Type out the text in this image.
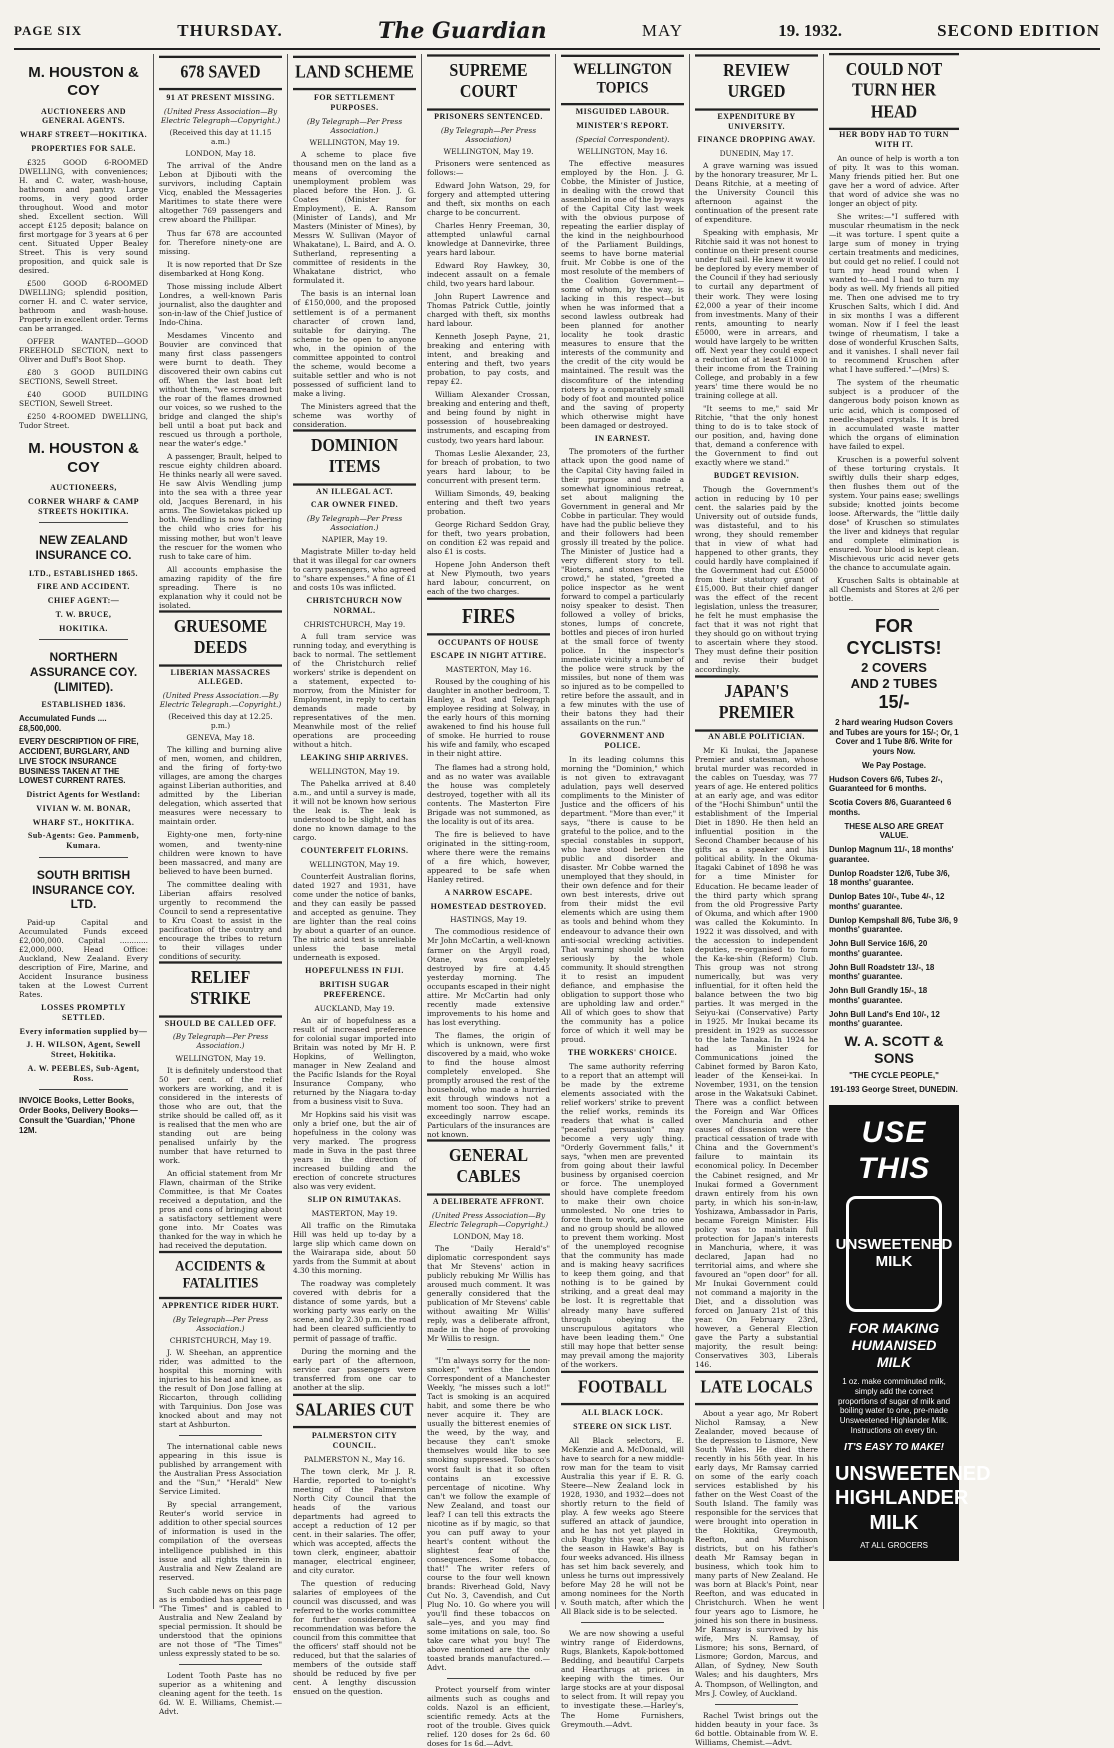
PAGE SIX	THURSDAY.	The Guardian	MAY	19. 1932.	SECOND EDITION
M. HOUSTON & COY
AUCTIONEERS AND GENERAL AGENTS.
WHARF STREET—HOKITIKA.
PROPERTIES FOR SALE.

£325 GOOD 6-ROOMED DWELLING, with conveniences; H. and C. water, wash-house, bathroom and pantry. Large rooms, in very good order throughout. Wood and motor shed. Excellent section. Will accept £125 deposit; balance on first mortgage for 3 years at 6 per cent. Situated Upper Bealey Street. This is very sound proposition, and quick sale is desired.

£500 GOOD 6-ROOMED DWELLING; splendid position, corner H. and C. water service, bathroom and wash-house. Property in excellent order. Terms can be arranged.

OFFER WANTED—GOOD FREEHOLD SECTION, next to Oliver and Duff's Boot Shop.

£80 3 GOOD BUILDING SECTIONS, Sewell Street.

£40 GOOD BUILDING SECTION, Sewell Street.

£250 4-ROOMED DWELLING, Tudor Street.

M. HOUSTON & COY
AUCTIONEERS,
CORNER WHARF & CAMP STREETS HOKITIKA.
NEW ZEALAND INSURANCE CO.
LTD., ESTABLISHED 1865.
FIRE AND ACCIDENT.
CHIEF AGENT:—
T. W. BRUCE,
HOKITIKA.
NORTHERN ASSURANCE COY. (LIMITED).
ESTABLISHED 1836.
Accumulated Funds .... £8,500,000.
EVERY DESCRIPTION OF FIRE, ACCIDENT, BURGLARY, AND LIVE STOCK INSURANCE BUSINESS TAKEN AT THE LOWEST CURRENT RATES.
District Agents for Westland:
VIVIAN W. M. BONAR,
WHARF ST., HOKITIKA.
Sub-Agents: Geo. Pammenb, Kumara.
SOUTH BRITISH INSURANCE COY. LTD.

Paid-up Capital and Accumulated Funds exceed £2,000,000. Capital ............ £2,000,000. Head Office: Auckland, New Zealand. Every description of Fire, Marine, and Accident Insurance business taken at the Lowest Current Rates.

LOSSES PROMPTLY SETTLED.
Every information supplied by—
J. H. WILSON, Agent, Sewell Street, Hokitika.
A. W. PEEBLES, Sub-Agent, Ross.
INVOICE Books, Letter Books, Order Books, Delivery Books—Consult the 'Guardian,' 'Phone 12M.
678 SAVED
91 AT PRESENT MISSING.
(United Press Association—By Electric Telegraph—Copyright.)
(Received this day at 11.15 a.m.)
LONDON, May 18.

The arrival of the Andre Lebon at Djibouti with the survivors, including Captain Vicq, enabled the Messageries Maritimes to state there were altogether 769 passengers and crew aboard the Phillipar.

Thus far 678 are accounted for. Therefore ninety-one are missing.

It is now reported that Dr Sze disembarked at Hong Kong.

Those missing include Albert Londres, a well-known Paris journalist, also the daughter and son-in-law of the Chief Justice of Indo-China.

Mesdames Vincento and Bouvier are convinced that many first class passengers were burnt to death. They discovered their own cabins cut off. When the last boat left without them, "we screamed but the roar of the flames drowned our voices, so we rushed to the bridge and clanged the ship's bell until a boat put back and rescued us through a porthole, near the water's edge."

A passenger, Brault, helped to rescue eighty children aboard. He thinks nearly all were saved. He saw Alvis Wendling jump into the sea with a three year old, Jacques Berenard, in his arms. The Sowietakas picked up both. Wendling is now fathering the child who cries for his missing mother, but won't leave the rescuer for the women who rush to take care of him.

All accounts emphasise the amazing rapidity of the fire spreading. There is no explanation why it could not be isolated.

GRUESOME DEEDS
LIBERIAN MASSACRES ALLEGED.
(United Press Association.—By Electric Telegraph.—Copyright.)
(Received this day at 12.25. p.m.)
GENEVA, May 18.

The killing and burning alive of men, women, and children, and the firing of forty-two villages, are among the charges against Liberian authorities, and admitted by the Liberian delegation, which asserted that measures were necessary to maintain order.

Eighty-one men, forty-nine women, and twenty-nine children were known to have been massacred, and many are believed to have been burned.

The committee dealing with Liberian affairs resolved urgently to recommend the Council to send a representative to Kru Coast to assist in the pacification of the country and encourage the tribes to return to their villages under conditions of security.

RELIEF STRIKE
SHOULD BE CALLED OFF.
(By Telegraph—Per Press Association.)
WELLINGTON, May 19.

It is definitely understood that 50 per cent. of the relief workers are working, and it is considered in the interests of those who are out, that the strike should be called off, as it is realised that the men who are standing out are being penalised unfairly by the number that have returned to work.

An official statement from Mr Flawn, chairman of the Strike Committee, is that Mr Coates received a deputation, and the pros and cons of bringing about a satisfactory settlement were gone into. Mr Coates was thanked for the way in which he had received the deputation.

ACCIDENTS & FATALITIES
APPRENTICE RIDER HURT.
(By Telegraph—Per Press Association.)
CHRISTCHURCH, May 19.

J. W. Sheehan, an apprentice rider, was admitted to the hospital this morning with injuries to his head and knee, as the result of Don Jose falling at Riccarton, through colliding with Tarquinius. Don Jose was knocked about and may not start at Ashburton.

The international cable news appearing in this issue is published by arrangement with the Australian Press Association and the "Sun," "Herald" New Service Limited.

By special arrangement, Reuter's world service in addition to other special sources of information is used in the compilation of the overseas intelligence published in this issue and all rights therein in Australia and New Zealand are reserved.

Such cable news on this page as is embodied has appeared in "The Times" and is cabled to Australia and New Zealand by special permission. It should be understood that the opinions are not those of "The Times" unless expressly stated to be so.

Lodent Tooth Paste has no superior as a whitening and cleaning agent for the teeth. 1s 6d. W. E. Williams, Chemist.—Advt.

LAND SCHEME
FOR SETTLEMENT PURPOSES.
(By Telegraph—Per Press Association.)
WELLINGTON, May 19.

A scheme to place five thousand men on the land as a means of overcoming the unemployment problem was placed before the Hon. J. G. Coates (Minister for Employment), E. A. Ransom (Minister of Lands), and Mr Masters (Minister of Mines), by Messrs W. Sullivan (Mayor of Whakatane), L. Baird, and A. O. Sutherland, representing a committee of residents in the Whakatane district, who formulated it.

The basis is an internal loan of £150,000, and the proposed settlement is of a permanent character of crown land, suitable for dairying. The scheme to be open to anyone who, in the opinion of the committee appointed to control the scheme, would become a suitable settler and who is not possessed of sufficient land to make a living.

The Ministers agreed that the scheme was worthy of consideration.

DOMINION ITEMS
AN ILLEGAL ACT.
CAR OWNER FINED.
(By Telegraph—Per Press Association.)
NAPIER, May 19.

Magistrate Miller to-day held that it was illegal for car owners to carry passengers, who agreed to "share expenses." A fine of £1 and costs 10s was inflicted.

CHRISTCHURCH NOW NORMAL.
CHRISTCHURCH, May 19.

A full tram service was running today, and everything is back to normal. The settlement of the Christchurch relief workers' strike is dependent on a statement, expected to-morrow, from the Minister for Employment, in reply to certain demands made by representatives of the men. Meanwhile most of the relief operations are proceeding without a hitch.

LEAKING SHIP ARRIVES.
WELLINGTON, May 19.

The Pahelka arrived at 8.40 a.m., and until a survey is made, it will not be known how serious the leak is. The leak is understood to be slight, and has done no known damage to the cargo.

COUNTERFEIT FLORINS.
WELLINGTON, May 19.

Counterfeit Australian florins, dated 1927 and 1931, have come under the notice of banks, and they can easily be passed and accepted as genuine. They are lighter than the real coins by about a quarter of an ounce. The nitric acid test is unreliable unless the base metal underneath is exposed.

HOPEFULNESS IN FIJI.
BRITISH SUGAR PREFERENCE.
AUCKLAND, May 19.

An air of hopefulness as a result of increased preference for colonial sugar imported into Britain was noted by Mr H. P. Hopkins, of Wellington, manager in New Zealand and the Pacific Islands for the Royal Insurance Company, who returned by the Niagara to-day from a business visit to Suva.

Mr Hopkins said his visit was only a brief one, but the air of hopefulness in the colony was very marked. The progress made in Suva in the past three years in the direction of increased building and the erection of concrete structures also was very evident.

SLIP ON RIMUTAKAS.
MASTERTON, May 19.

All traffic on the Rimutaka Hill was held up to-day by a large slip which came down on the Wairarapa side, about 50 yards from the Summit at about 4.30 this morning.

The roadway was completely covered with debris for a distance of some yards, but a working party was early on the scene, and by 2.30 p.m. the road had been cleared sufficiently to permit of passage of traffic.

During the morning and the early part of the afternoon, service car passengers were transferred from one car to another at the slip.

SALARIES CUT
PALMERSTON CITY COUNCIL.
PALMERSTON N., May 16.

The town clerk, Mr J. R. Hardie, reported to to-night's meeting of the Palmerston North City Council that the heads of the various departments had agreed to accept a reduction of 12 per cent. in their salaries. The offer, which was accepted, affects the town clerk, engineer, abattoir manager, electrical engineer, and city curator.

The question of reducing salaries of employees of the council was discussed, and was referred to the works committee for further consideration. A recommendation was before the council from this committee that the officers' staff should not be reduced, but that the salaries of members of the outside staff should be reduced by five per cent. A lengthy discussion ensued on the question.

SUPREME COURT
PRISONERS SENTENCED.
(By Telegraph—Per Press Association)
WELLINGTON, May 19.

Prisoners were sentenced as follows:—

Edward John Watson, 29, for forgery and attempted uttering and theft, six months on each charge to be concurrent.

Charles Henry Freeman, 30, attempted unlawful carnal knowledge at Dannevirke, three years hard labour.

Edward Roy Hawkey, 30, indecent assault on a female child, two years hard labour.

John Rupert Lawrence and Thomas Patrick Cuttle, jointly charged with theft, six months hard labour.

Kenneth Joseph Payne, 21, breaking and entering with intent, and breaking and entering and theft, two years probation, to pay costs, and repay £2.

William Alexander Crossan, breaking and entering and theft, and being found by night in possession of housebreaking instruments, and escaping from custody, two years hard labour.

Thomas Leslie Alexander, 23, for breach of probation, to two years hard labour, to be concurrent with present term.

William Simonds, 49, beaking entering and theft two years probation.

George Richard Seddon Gray, for theft, two years probation, on condition £2 was repaid and also £1 is costs.

Hopene John Anderson theft at New Plymouth, two years hard labour, concurrent, on each of the two charges.

FIRES
OCCUPANTS OF HOUSE
ESCAPE IN NIGHT ATTIRE.
MASTERTON, May 16.

Roused by the coughing of his daughter in another bedroom, T. Hanley, a Post and Telegraph employee residing at Solway, in the early hours of this morning awakened to find his house full of smoke. He hurried to rouse his wife and family, who escaped in their night attire.

The flames had a strong hold, and as no water was available the house was completely destroyed, together with all its contents. The Masterton Fire Brigade was not summoned, as the locality is out of its area.

The fire is believed to have originated in the sitting-room, where there were the remains of a fire which, however, appeared to be safe when Hanley retired.

A NARROW ESCAPE.
HOMESTEAD DESTROYED.
HASTINGS, May 19.

The commodious residence of Mr John McCartin, a well-known farmer on the Argyll road, Otane, was completely destroyed by fire at 4.45 yesterday morning. The occupants escaped in their night attire. Mr McCartin had only recently made extensive improvements to his home and has lost everything.

The flames, the origin of which is unknown, were first discovered by a maid, who woke to find the house almost completely enveloped. She promptly aroused the rest of the household, who made a hurried exit through windows not a moment too soon. They had an exceedingly narrow escape. Particulars of the insurances are not known.

GENERAL CABLES
A DELIBERATE AFFRONT.
(United Press Association—By Electric Telegraph—Copyright.)
LONDON, May 18.

The "Daily Herald's" diplomatic correspondent says that Mr Stevens' action in publicly rebuking Mr Willis has aroused much comment. It was generally considered that the publication of Mr Stevens' cable without awaiting Mr Willis' reply, was a deliberate affront, made in the hope of provoking Mr Willis to resign.

"I'm always sorry for the non-smoker," writes the London Correspondent of a Manchester Weekly, "he misses such a lot!" Tact is smoking is an acquired habit, and some there be who never acquire it. They are usually the bitterest enemies of the weed, by the way, and because they can't smoke themselves would like to see smoking suppressed. Tobacco's worst fault is that it so often contains an excessive percentage of nicotine. Why can't we follow the example of New Zealand, and toast our leaf? I can tell this extracts the nicotine as if by magic, so that you can puff away to your heart's content without the slightest fear of the consequences. Some tobacco, that!" The writer refers of course to the four well known brands: Riverhead Gold, Navy Cut No. 3, Cavendish, and Cut Plug No. 10. Go where you will you'll find these tobaccos on sale—yes, and you may find some imitations on sale, too. So take care what you buy! The above mentioned are the only toasted brands manufactured.—Advt.

Protect yourself from winter ailments such as coughs and colds. Nazol is an efficient, scientific remedy. Acts at the root of the trouble. Gives quick relief. 120 doses for 2s 6d. 60 doses for 1s 6d.—Advt.

WELLINGTON TOPICS
MISGUIDED LABOUR.
MINISTER'S REPORT.
(Special Correspondent).
WELLINGTON, May 16.

The effective measures employed by the Hon. J. G. Cobbe, the Minister of Justice, in dealing with the crowd that assembled in one of the by-ways of the Capital City last week with the obvious purpose of repeating the earlier display of the kind in the neighbourhood of the Parliament Buildings, seems to have borne material fruit. Mr Cobbe is one of the most resolute of the members of the Coalition Government—some of whom, by the way, is lacking in this respect—but when he was informed that a second lawless outbreak had been planned for another locality he took drastic measures to ensure that the interests of the community and the credit of the city would be maintained. The result was the discomfiture of the intending rioters by a comparatively small body of foot and mounted police and the saving of property which otherwise might have been damaged or destroyed.

IN EARNEST.

The promoters of the further attack upon the good name of the Capital City having failed in their purpose and made a somewhat ignominious retreat, set about maligning the Government in general and Mr Cobbe in particular. They would have had the public believe they and their followers had been grossly ill treated by the police. The Minister of Justice had a very different story to tell. "Rioters, and stones from the crowd," he stated, "greeted a police inspector as he went forward to compel a particularly noisy speaker to desist. Then followed a volley of bricks, stones, lumps of concrete, bottles and pieces of iron hurled at the small force of twenty police. In the inspector's immediate vicinity a number of the police were struck by the missiles, but none of them was so injured as to be compelled to retire before the assault, and in a few minutes with the use of their batons they had their assailants on the run."

GOVERNMENT AND POLICE.

In its leading columns this morning the "Dominion," which is not given to extravagant adulation, pays well deserved compliments to the Minister of Justice and the officers of his department. "More than ever," it says, "there is cause to be grateful to the police, and to the special constables in support, who have stood between the public and disorder and disaster. Mr Cobbe warned the unemployed that they should, in their own defence and for their own best interests, drive out from their midst the evil elements which are using them as tools and behind whom they endeavour to advance their own anti-social wrecking activities. That warning should be taken seriously by the whole community. It should strengthen it to resist an impudent defiance, and emphasise the obligation to support those who are upholding law and order." All of which goes to show that the community has a police force of which it well may be proud.

THE WORKERS' CHOICE.

The same authority referring to a report that an attempt will be made by the extreme elements associated with the relief workers' strike to prevent the relief works, reminds its readers that what is called "peaceful persuasion" may become a very ugly thing. "Orderly Government falls," it says, "when men are prevented from going about their lawful business by organised coercion or force. The unemployed should have complete freedom to make their own choice unmolested. No one tries to force them to work, and no one and no group should be allowed to prevent them working. Most of the unemployed recognise that the community has made and is making heavy sacrifices to keep them going, and that nothing is to be gained by striking, and a great deal may be lost. It is regrettable that already many have suffered through obeying the unscrupulous agitators who have been leading them." One still may hope that better sense may prevail among the majority of the workers.

FOOTBALL
ALL BLACK LOCK.
STEERE ON SICK LIST.

All Black selectors, E. McKenzie and A. McDonald, will have to search for a new middle-row man for the team to visit Australia this year if E. R. G. Steere—New Zealand lock in 1928, 1930, and 1932—does not shortly return to the field of play. A few weeks ago Steere suffered an attack of jaundice, and he has not yet played in club Rugby this year, although the season in Hawke's Bay is four weeks advanced. His illness has set him back severely, and unless he turns out impressively before May 28 he will not be among nominees for the North v. South match, after which the All Black side is to be selected.

We are now showing a useful wintry range of Eiderdowns, Rugs, Blankets, Kapok-bottomed Bedding, and beautiful Carpets and Hearthrugs at prices in keeping with the times. Our large stocks are at your disposal to select from. It will repay you to investigate these.—Harley's, The Home Furnishers, Greymouth.—Advt.

REVIEW URGED
EXPENDITURE BY UNIVERSITY.
FINANCE DROPPING AWAY.
DUNEDIN, May 17.

A grave warning was issued by the honorary treasurer, Mr L. Deans Ritchie, at a meeting of the University Council this afternoon against the continuation of the present rate of expenditure.

Speaking with emphasis, Mr Ritchie said it was not honest to continue on their present course under full sail. He knew it would be deplored by every member of the Council if they had seriously to curtail any department of their work. They were losing £2,000 a year of their income from investments. Many of their rents, amounting to nearly £5000, were in arrears, and would have largely to be written off. Next year they could expect a reduction of at least £1000 in their income from the Training College, and probably in a few years' time there would be no training college at all.

"It seems to me," said Mr Ritchie, "that the only honest thing to do is to take stock of our position, and, having done that, demand a conference with the Government to find out exactly where we stand."

BUDGET REVISION.

Though the Government's action in reducing by 10 per cent. the salaries paid by the University out of outside funds, was distasteful, and to his wrong, they should remember that in view of what had happened to other grants, they could hardly have complained if the Government had cut £5000 from their statutory grant of £15,000. But their chief danger was the effect of the recent legislation, unless the treasurer, he felt he must emphasise the fact that it was not right that they should go on without trying to ascertain where they stood. They must define their position and revise their budget accordingly.

JAPAN'S PREMIER
AN ABLE POLITICIAN.

Mr Ki Inukai, the Japanese Premier and statesman, whose brutal murder was recorded in the cables on Tuesday, was 77 years of age. He entered politics at an early age, and was editor of the "Hochi Shimbun" until the establishment of the Imperial Diet in 1890. He then held an influential position in the Second Chamber because of his gifts as a speaker and his political ability. In the Okuma-Itagaki Cabinet of 1898 he was for a time Minister for Education. He became leader of the third party which sprang from the old Progressive Party of Okuma, and which after 1900 was called the Kokuminto. In 1922 it was dissolved, and with the accession to independent deputies, re-organised to form the Ka-ke-shin (Reform) Club. This group was not strong numerically, but was very influential, for it often held the balance between the two big parties. It was merged in the Seiyu-kai (Conservative) Party in 1925. Mr Inukai became its president in 1929 as successor to the late Tanaka. In 1924 he had as Minister for Communications joined the Cabinet formed by Baron Kato, leader of the Kensei-kai. In November, 1931, on the tension arose in the Wakatsuki Cabinet. There was a conflict between the Foreign and War Offices over Manchuria and other causes of dissension were the practical cessation of trade with China and the Government's failure to maintain its economical policy. In December the Cabinet resigned, and Mr Inukai formed a Government drawn entirely from his own party, in which his son-in-law, Yoshizawa, Ambassador in Paris, became Foreign Minister. His policy was to maintain full protection for Japan's interests in Manchuria, where, it was declared, Japan had no territorial aims, and where she favoured an "open door" for all. Mr Inukai Government could not command a majority in the Diet, and a dissolution was forced on January 21st of this year. On February 23rd, however, a General Election gave the Party a substantial majority, the result being: Conservatives 303, Liberals 146.

LATE LOCALS

About a year ago, Mr Robert Nichol Ramsay, a New Zealander, moved because of the depression to Lismore, New South Wales. He died there recently in his 56th year. In his early days, Mr Ramsay carried on some of the early coach services established by his father on the West Coast of the South Island. The family was responsible for the services that were brought into operation in the Hokitika, Greymouth, Reefton, and Murchison districts, but on his father's death Mr Ramsay began in business, which took him to many parts of New Zealand. He was born at Black's Point, near Reefton, and was educated in Christchurch. When he went four years ago to Lismore, he joined his son there in business. Mr Ramsay is survived by his wife, Mrs N. Ramsay, of Lismore; his sons, Bernard, of Lismore; Gordon, Marcus, and Allan, of Sydney, New South Wales; and his daughters, Mrs A. Thompson, of Wellington, and Mrs J. Cowley, of Auckland.

Rachel Twist brings out the hidden beauty in your face. 3s 6d bottle. Obtainable from W. E. Williams, Chemist.—Advt.

COULD NOT TURN HER HEAD
HER BODY HAD TO TURN WITH IT.

An ounce of help is worth a ton of pity. It was to this woman. Many friends pitied her. But one gave her a word of advice. After that word of advice she was no longer an object of pity.

She writes:—"I suffered with muscular rheumatism in the neck—it was torture. I spent quite a large sum of money in trying certain treatments and medicines, but could get no relief. I could not turn my head round when I wanted to—and I had to turn my body as well. My friends all pitied me. Then one advised me to try Kruschen Salts, which I did. And in six months I was a different woman. Now if I feel the least twinge of rheumatism, I take a dose of wonderful Kruschen Salts, and it vanishes. I shall never fail to recommend Kruschen after what I have suffered."—(Mrs) S.

The system of the rheumatic subject is a producer of the dangerous body poison known as uric acid, which is composed of needle-shaped crystals. It is bred in accumulated waste matter which the organs of elimination have failed to expel.

Kruschen is a powerful solvent of these torturing crystals. It swiftly dulls their sharp edges, then flushes them out of the system. Your pains ease; swellings subside; knotted joints become loose. Afterwards, the "little daily dose" of Kruschen so stimulates the liver and kidneys that regular and complete elimination is ensured. Your blood is kept clean. Mischievous uric acid never gets the chance to accumulate again.

Kruschen Salts is obtainable at all Chemists and Stores at 2/6 per bottle.

FOR CYCLISTS!
2 COVERS
AND 2 TUBES
15/-
2 hard wearing Hudson Covers and Tubes are yours for 15/-; Or, 1 Cover and 1 Tube 8/6. Write for yours Now.
We Pay Postage.
Hudson Covers 6/6, Tubes 2/-, Guaranteed for 6 months.
Scotia Covers 8/6, Guaranteed 6 months.
THESE ALSO ARE GREAT VALUE.
Dunlop Magnum 11/-, 18 months' guarantee.
Dunlop Roadster 12/6, Tube 3/6, 18 months' guarantee.
Dunlop Bates 10/-, Tube 4/-, 12 months' guarantee.
Dunlop Kempshall 8/6, Tube 3/6, 9 months' guarantee.
John Bull Service 16/6, 20 months' guarantee.
John Bull Roadstetr 13/-, 18 months' guarantee.
John Bull Grandly 15/-, 18 months' guarantee.
John Bull Land's End 10/-, 12 months' guarantee.
W. A. SCOTT & SONS
"THE CYCLE PEOPLE,"
191-193 George Street, DUNEDIN.
USE THIS
UNSWEETENED MILK
FOR MAKING HUMANISED MILK
1 oz. make comminuted milk, simply add the correct proportions of sugar of milk and boiling water to one, pre-made Unsweetened Highlander Milk. Instructions on every tin.
IT'S EASY TO MAKE!
UNSWEETENED HIGHLANDER MILK
AT ALL GROCERS
